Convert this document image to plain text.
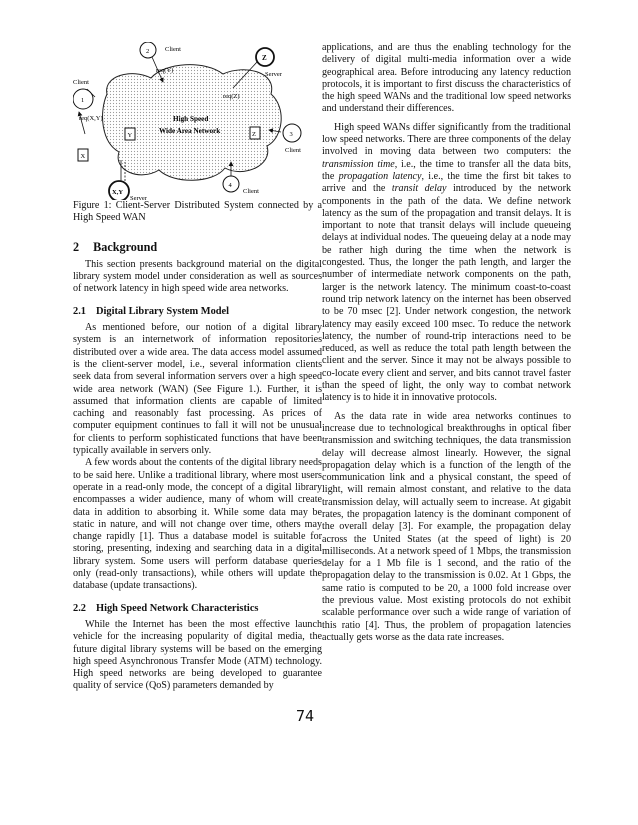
Client
2
req(Y)
Client
1
req(X,Y)
Z
Server
req(Z)
High Speed
Wide Area Network
Y
X
Z	3
Client
X,Y
Server
4
Client

Figure 1: Client-Server Distributed System connected by a High Speed WAN

2 Background

This section presents background material on the digital library system model under consideration as well as sources of network latency in high speed wide area networks.

2.1 Digital Library System Model

As mentioned before, our notion of a digital library system is an internetwork of information repositories distributed over a wide area. The data access model assumed is the client-server model, i.e., several information clients seek data from several information servers over a high speed wide area network (WAN) (See Figure 1.). Further, it is assumed that information clients are capable of limited caching and reasonably fast processing. As prices of computer equipment continues to fall it will not be unusual for clients to perform sophisticated functions that have been typically available in servers only.

A few words about the contents of the digital library needs to be said here. Unlike a traditional library, where most users operate in a read-only mode, the concept of a digital library encompasses a wider audience, many of whom will create data in addition to absorbing it. While some data may be static in nature, and will not change over time, others may change rapidly [1]. Thus a database model is suitable for storing, presenting, indexing and searching data in a digital library system. Some users will perform database queries only (read-only transactions), while others will update the database (update transactions).

2.2 High Speed Network Characteristics

While the Internet has been the most effective launch vehicle for the increasing popularity of digital media, the future digital library systems will be based on the emerging high speed Asynchronous Transfer Mode (ATM) technology. High speed networks are being developed to guarantee quality of service (QoS) parameters demanded by

74

applications, and are thus the enabling technology for the delivery of digital multi-media information over a wide geographical area. Before introducing any latency reduction protocols, it is important to first discuss the characteristics of the high speed WANs and the traditional low speed networks and understand their differences.

High speed WANs differ significantly from the traditional low speed networks. There are three components of the delay involved in moving data between two computers: the transmission time, i.e., the time to transfer all the data bits, the propagation latency, i.e., the time the first bit takes to arrive and the transit delay introduced by the network components in the path of the data. We define network latency as the sum of the propagation and transit delays. It is important to note that transit delays will include queueing delays at individual nodes. The queueing delay at a node may be rather high during the time when the network is congested. Thus, the longer the path length, and larger the number of intermediate network components on the path, larger is the network latency. The minimum coast-to-coast round trip network latency on the internet has been observed to be 70 msec [2]. Under network congestion, the network latency may easily exceed 100 msec. To reduce the network latency, the number of round-trip interactions need to be reduced, as well as reduce the total path length between the client and the server. Since it may not be always possible to co-locate every client and server, and bits cannot travel faster than the speed of light, the only way to combat network latency is to hide it in innovative protocols.

As the data rate in wide area networks continues to increase due to technological breakthroughs in optical fiber transmission and switching techniques, the data transmission delay will decrease almost linearly. However, the signal propagation delay which is a function of the length of the communication link and a physical constant, the speed of light, will remain almost constant, and relative to the data transmission delay, will actually seem to increase. At gigabit rates, the propagation latency is the dominant component of the overall delay [3]. For example, the propagation delay across the United States (at the speed of light) is 20 milliseconds. At a network speed of 1 Mbps, the transmission delay for a 1 Mb file is 1 second, and the ratio of the propagation delay to the transmission is 0.02. At 1 Gbps, the same ratio is computed to be 20, a 1000 fold increase over the previous value. Most existing protocols do not exhibit scalable performance over such a wide range of variation of this ratio [4]. Thus, the problem of propagation latencies actually gets worse as the data rate increases.
